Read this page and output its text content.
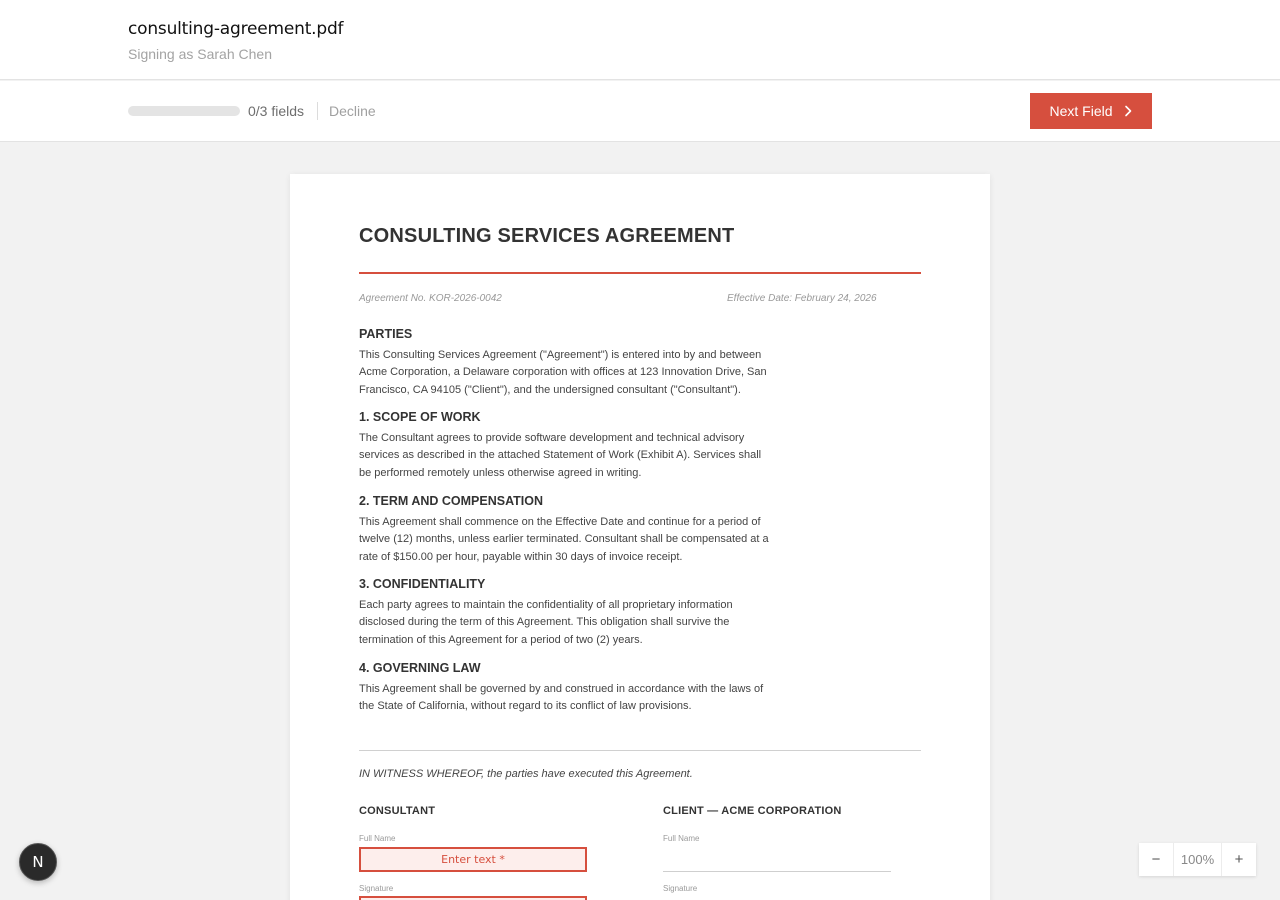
consulting-agreement.pdf
Signing as Sarah Chen
0/3 fields Decline	Next Field
CONSULTING SERVICES AGREEMENT
Agreement No. KOR-2026-0042	Effective Date: February 24, 2026
PARTIES

This Consulting Services Agreement ("Agreement") is entered into by and between Acme Corporation, a Delaware corporation with offices at 123 Innovation Drive, San Francisco, CA 94105 ("Client"), and the undersigned consultant ("Consultant").

1. SCOPE OF WORK

The Consultant agrees to provide software development and technical advisory services as described in the attached Statement of Work (Exhibit A). Services shall be performed remotely unless otherwise agreed in writing.

2. TERM AND COMPENSATION

This Agreement shall commence on the Effective Date and continue for a period of twelve (12) months, unless earlier terminated. Consultant shall be compensated at a rate of $150.00 per hour, payable within 30 days of invoice receipt.

3. CONFIDENTIALITY

Each party agrees to maintain the confidentiality of all proprietary information disclosed during the term of this Agreement. This obligation shall survive the termination of this Agreement for a period of two (2) years.

4. GOVERNING LAW

This Agreement shall be governed by and construed in accordance with the laws of the State of California, without regard to its conflict of law provisions.

IN WITNESS WHEREOF, the parties have executed this Agreement.
CONSULTANT	CLIENT — ACME CORPORATION
Full Name
Enter text *
Signature
Full Name
Signature
N	−	100%	+
